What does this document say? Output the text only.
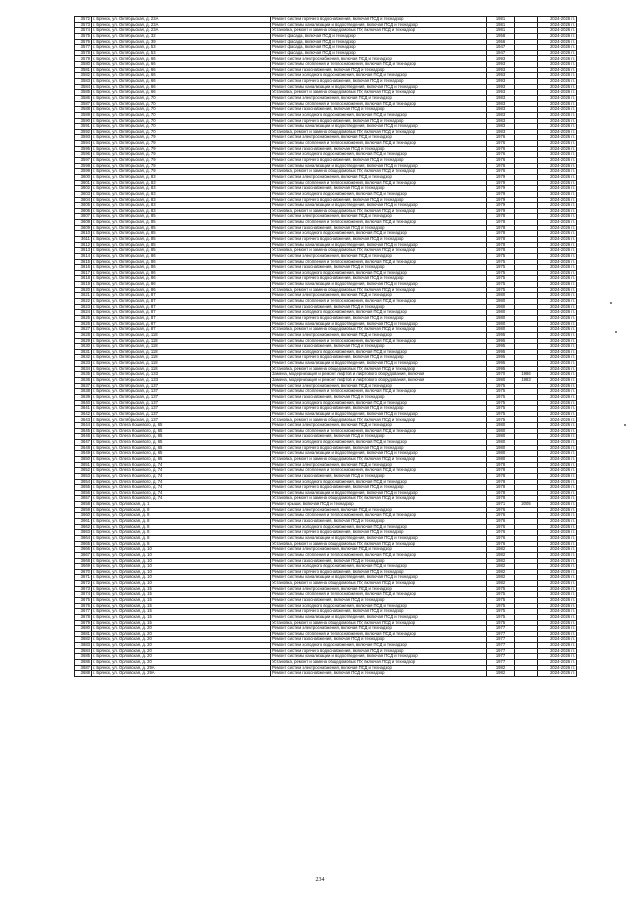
3572	г. Брянск, ул. Октябрьская, д. 23А	Ремонт систем горячего водоснабжения, включая ПСД и технадзор	1981		2024-2026 гг.
3573	г. Брянск, ул. Октябрьская, д. 23А	Ремонт системы канализации и водоотведения, включая ПСД и технадзор	1981		2024-2026 гг.
3574	г. Брянск, ул. Октябрьская, д. 23А	Установка, ремонт и замена общедомовых ПУ, включая ПСД и технадзор	1981		2024-2026 гг.
3575	г. Брянск, ул. Октябрьская, д. 32	Ремонт фасада, включая ПСД и технадзор	1958		2024-2026 гг.
3576	г. Брянск, ул. Октябрьская, д. 39	Ремонт фасада, включая ПСД и технадзор	1956		2024-2026 гг.
3577	г. Брянск, ул. Октябрьская, д. 53	Ремонт фасада, включая ПСД и технадзор	1947		2024-2026 гг.
3578	г. Брянск, ул. Октябрьская, д. 53	Ремонт фасада, включая ПСД и технадзор	1947		2024-2026 гг.
3579	г. Брянск, ул. Октябрьская, д. 66	Ремонт систем электроснабжения, включая ПСД и технадзор	1993		2024-2026 гг.
3580	г. Брянск, ул. Октябрьская, д. 66	Ремонт системы отопления и теплоснабжения, включая ПСД и технадзор	1993		2024-2026 гг.
3581	г. Брянск, ул. Октябрьская, д. 66	Ремонт систем газоснабжения, включая ПСД и технадзор	1993		2024-2026 гг.
3582	г. Брянск, ул. Октябрьская, д. 66	Ремонт систем холодного водоснабжения, включая ПСД и технадзор	1993		2024-2026 гг.
3583	г. Брянск, ул. Октябрьская, д. 66	Ремонт систем горячего водоснабжения, включая ПСД и технадзор	1993		2024-2026 гг.
3584	г. Брянск, ул. Октябрьская, д. 66	Ремонт системы канализации и водоотведения, включая ПСД и технадзор	1993		2024-2026 гг.
3585	г. Брянск, ул. Октябрьская, д. 66	Установка, ремонт и замена общедомовых ПУ, включая ПСД и технадзор	1993		2024-2026 гг.
3586	г. Брянск, ул. Октябрьская, д. 70	Ремонт систем электроснабжения, включая ПСД и технадзор	1983		2024-2026 гг.
3587	г. Брянск, ул. Октябрьская, д. 70	Ремонт системы отопления и теплоснабжения, включая ПСД и технадзор	1983		2024-2026 гг.
3588	г. Брянск, ул. Октябрьская, д. 70	Ремонт систем газоснабжения, включая ПСД и технадзор	1983		2024-2026 гг.
3589	г. Брянск, ул. Октябрьская, д. 70	Ремонт систем холодного водоснабжения, включая ПСД и технадзор	1983		2024-2026 гг.
3590	г. Брянск, ул. Октябрьская, д. 70	Ремонт систем горячего водоснабжения, включая ПСД и технадзор	1983		2024-2026 гг.
3591	г. Брянск, ул. Октябрьская, д. 70	Ремонт системы канализации и водоотведения, включая ПСД и технадзор	1983		2024-2026 гг.
3592	г. Брянск, ул. Октябрьская, д. 70	Установка, ремонт и замена общедомовых ПУ, включая ПСД и технадзор	1983		2024-2026 гг.
3593	г. Брянск, ул. Октябрьская, д. 79	Ремонт систем электроснабжения, включая ПСД и технадзор	1976		2024-2026 гг.
3594	г. Брянск, ул. Октябрьская, д. 79	Ремонт системы отопления и теплоснабжения, включая ПСД и технадзор	1976		2024-2026 гг.
3595	г. Брянск, ул. Октябрьская, д. 79	Ремонт систем газоснабжения, включая ПСД и технадзор	1976		2024-2026 гг.
3596	г. Брянск, ул. Октябрьская, д. 79	Ремонт систем холодного водоснабжения, включая ПСД и технадзор	1976		2024-2026 гг.
3597	г. Брянск, ул. Октябрьская, д. 79	Ремонт систем горячего водоснабжения, включая ПСД и технадзор	1976		2024-2026 гг.
3598	г. Брянск, ул. Октябрьская, д. 79	Ремонт системы канализации и водоотведения, включая ПСД и технадзор	1976		2024-2026 гг.
3599	г. Брянск, ул. Октябрьская, д. 79	Установка, ремонт и замена общедомовых ПУ, включая ПСД и технадзор	1976		2024-2026 гг.
3600	г. Брянск, ул. Октябрьская, д. 83	Ремонт систем электроснабжения, включая ПСД и технадзор	1979		2024-2026 гг.
3601	г. Брянск, ул. Октябрьская, д. 83	Ремонт системы отопления и теплоснабжения, включая ПСД и технадзор	1979		2024-2026 гг.
3602	г. Брянск, ул. Октябрьская, д. 83	Ремонт систем газоснабжения, включая ПСД и технадзор	1979		2024-2026 гг.
3603	г. Брянск, ул. Октябрьская, д. 83	Ремонт систем холодного водоснабжения, включая ПСД и технадзор	1979		2024-2026 гг.
3604	г. Брянск, ул. Октябрьская, д. 83	Ремонт систем горячего водоснабжения, включая ПСД и технадзор	1979		2024-2026 гг.
3605	г. Брянск, ул. Октябрьская, д. 83	Ремонт системы канализации и водоотведения, включая ПСД и технадзор	1979		2024-2026 гг.
3606	г. Брянск, ул. Октябрьская, д. 83	Установка, ремонт и замена общедомовых ПУ, включая ПСД и технадзор	1979		2024-2026 гг.
3607	г. Брянск, ул. Октябрьская, д. 85	Ремонт систем электроснабжения, включая ПСД и технадзор	1978		2024-2026 гг.
3608	г. Брянск, ул. Октябрьская, д. 85	Ремонт системы отопления и теплоснабжения, включая ПСД и технадзор	1978		2024-2026 гг.
3609	г. Брянск, ул. Октябрьская, д. 85	Ремонт систем газоснабжения, включая ПСД и технадзор	1978		2024-2026 гг.
3610	г. Брянск, ул. Октябрьская, д. 85	Ремонт систем холодного водоснабжения, включая ПСД и технадзор	1978		2024-2026 гг.
3611	г. Брянск, ул. Октябрьская, д. 85	Ремонт систем горячего водоснабжения, включая ПСД и технадзор	1978		2024-2026 гг.
3612	г. Брянск, ул. Октябрьская, д. 85	Ремонт системы канализации и водоотведения, включая ПСД и технадзор	1978		2024-2026 гг.
3613	г. Брянск, ул. Октябрьская, д. 85	Установка, ремонт и замена общедомовых ПУ, включая ПСД и технадзор	1978		2024-2026 гг.
3614	г. Брянск, ул. Октябрьская, д. 86	Ремонт систем электроснабжения, включая ПСД и технадзор	1975		2024-2026 гг.
3615	г. Брянск, ул. Октябрьская, д. 86	Ремонт системы отопления и теплоснабжения, включая ПСД и технадзор	1975		2024-2026 гг.
3616	г. Брянск, ул. Октябрьская, д. 86	Ремонт систем газоснабжения, включая ПСД и технадзор	1975		2024-2026 гг.
3617	г. Брянск, ул. Октябрьская, д. 86	Ремонт систем холодного водоснабжения, включая ПСД и технадзор	1975		2024-2026 гг.
3618	г. Брянск, ул. Октябрьская, д. 86	Ремонт систем горячего водоснабжения, включая ПСД и технадзор	1975		2024-2026 гг.
3619	г. Брянск, ул. Октябрьская, д. 86	Ремонт системы канализации и водоотведения, включая ПСД и технадзор	1975		2024-2026 гг.
3620	г. Брянск, ул. Октябрьская, д. 86	Установка, ремонт и замена общедомовых ПУ, включая ПСД и технадзор	1975		2024-2026 гг.
3621	г. Брянск, ул. Октябрьская, д. 87	Ремонт систем электроснабжения, включая ПСД и технадзор	1980		2024-2026 гг.
3622	г. Брянск, ул. Октябрьская, д. 87	Ремонт системы отопления и теплоснабжения, включая ПСД и технадзор	1980		2024-2026 гг.
3623	г. Брянск, ул. Октябрьская, д. 87	Ремонт систем газоснабжения, включая ПСД и технадзор	1980		2024-2026 гг.
3624	г. Брянск, ул. Октябрьская, д. 87	Ремонт систем холодного водоснабжения, включая ПСД и технадзор	1980		2024-2026 гг.
3625	г. Брянск, ул. Октябрьская, д. 87	Ремонт систем горячего водоснабжения, включая ПСД и технадзор	1980		2024-2026 гг.
3626	г. Брянск, ул. Октябрьская, д. 87	Ремонт системы канализации и водоотведения, включая ПСД и технадзор	1980		2024-2026 гг.
3627	г. Брянск, ул. Октябрьская, д. 87	Установка, ремонт и замена общедомовых ПУ, включая ПСД и технадзор	1980		2024-2026 гг.
3628	г. Брянск, ул. Октябрьская, д. 118	Ремонт систем электроснабжения, включая ПСД и технадзор	1995		2024-2026 гг.
3629	г. Брянск, ул. Октябрьская, д. 118	Ремонт системы отопления и теплоснабжения, включая ПСД и технадзор	1995		2024-2026 гг.
3630	г. Брянск, ул. Октябрьская, д. 118	Ремонт систем газоснабжения, включая ПСД и технадзор	1995		2024-2026 гг.
3631	г. Брянск, ул. Октябрьская, д. 118	Ремонт систем холодного водоснабжения, включая ПСД и технадзор	1995		2024-2026 гг.
3632	г. Брянск, ул. Октябрьская, д. 118	Ремонт систем горячего водоснабжения, включая ПСД и технадзор	1995		2024-2026 гг.
3633	г. Брянск, ул. Октябрьская, д. 118	Ремонт системы канализации и водоотведения, включая ПСД и технадзор	1995		2024-2026 гг.
3634	г. Брянск, ул. Октябрьская, д. 118	Установка, ремонт и замена общедомовых ПУ, включая ПСД и технадзор	1995		2024-2026 гг.
3635	г. Брянск, ул. Октябрьская, д. 133	Замена, модернизация и ремонт лифтов и лифтового оборудования, включая	1970	1986	2024-2026 гг.
3636	г. Брянск, ул. Октябрьская, д. 133	Замена, модернизация и ремонт лифтов и лифтового оборудования, включая	1980	1983	2024-2026 гг.
3637	г. Брянск, ул. Октябрьская, д. 137	Ремонт систем электроснабжения, включая ПСД и технадзор	1975		2024-2026 гг.
3638	г. Брянск, ул. Октябрьская, д. 137	Ремонт системы отопления и теплоснабжения, включая ПСД и технадзор	1975		2024-2026 гг.
3639	г. Брянск, ул. Октябрьская, д. 137	Ремонт систем газоснабжения, включая ПСД и технадзор	1975		2024-2026 гг.
3640	г. Брянск, ул. Октябрьская, д. 137	Ремонт систем холодного водоснабжения, включая ПСД и технадзор	1975		2024-2026 гг.
3641	г. Брянск, ул. Октябрьская, д. 137	Ремонт систем горячего водоснабжения, включая ПСД и технадзор	1975		2024-2026 гг.
3642	г. Брянск, ул. Октябрьская, д. 137	Ремонт системы канализации и водоотведения, включая ПСД и технадзор	1975		2024-2026 гг.
3643	г. Брянск, ул. Октябрьская, д. 137	Установка, ремонт и замена общедомовых ПУ, включая ПСД и технадзор	1975		2024-2026 гг.
3644	г. Брянск, ул. Олега Кошевого, д. 65	Ремонт систем электроснабжения, включая ПСД и технадзор	1980		2024-2026 гг.
3645	г. Брянск, ул. Олега Кошевого, д. 65	Ремонт системы отопления и теплоснабжения, включая ПСД и технадзор	1980		2024-2026 гг.
3646	г. Брянск, ул. Олега Кошевого, д. 65	Ремонт систем газоснабжения, включая ПСД и технадзор	1980		2024-2026 гг.
3647	г. Брянск, ул. Олега Кошевого, д. 65	Ремонт систем холодного водоснабжения, включая ПСД и технадзор	1980		2024-2026 гг.
3648	г. Брянск, ул. Олега Кошевого, д. 65	Ремонт систем горячего водоснабжения, включая ПСД и технадзор	1980		2024-2026 гг.
3649	г. Брянск, ул. Олега Кошевого, д. 65	Ремонт системы канализации и водоотведения, включая ПСД и технадзор	1980		2024-2026 гг.
3650	г. Брянск, ул. Олега Кошевого, д. 65	Установка, ремонт и замена общедомовых ПУ, включая ПСД и технадзор	1980		2024-2026 гг.
3651	г. Брянск, ул. Олега Кошевого, д. 74	Ремонт систем электроснабжения, включая ПСД и технадзор	1978		2024-2026 гг.
3652	г. Брянск, ул. Олега Кошевого, д. 74	Ремонт системы отопления и теплоснабжения, включая ПСД и технадзор	1978		2024-2026 гг.
3653	г. Брянск, ул. Олега Кошевого, д. 74	Ремонт систем газоснабжения, включая ПСД и технадзор	1978		2024-2026 гг.
3654	г. Брянск, ул. Олега Кошевого, д. 74	Ремонт систем холодного водоснабжения, включая ПСД и технадзор	1978		2024-2026 гг.
3655	г. Брянск, ул. Олега Кошевого, д. 74	Ремонт систем горячего водоснабжения, включая ПСД и технадзор	1978		2024-2026 гг.
3656	г. Брянск, ул. Олега Кошевого, д. 74	Ремонт системы канализации и водоотведения, включая ПСД и технадзор	1978		2024-2026 гг.
3657	г. Брянск, ул. Олега Кошевого, д. 74	Установка, ремонт и замена общедомовых ПУ, включая ПСД и технадзор	1978		2024-2026 гг.
3658	г. Брянск, ул. Орловская, д. 1	Ремонт крыши, включая ПСД и технадзор	1971	2005	2024-2026 гг.
3659	г. Брянск, ул. Орловская, д. 8	Ремонт систем электроснабжения, включая ПСД и технадзор	1976		2024-2026 гг.
3660	г. Брянск, ул. Орловская, д. 8	Ремонт системы отопления и теплоснабжения, включая ПСД и технадзор	1976		2024-2026 гг.
3661	г. Брянск, ул. Орловская, д. 8	Ремонт систем газоснабжения, включая ПСД и технадзор	1976		2024-2026 гг.
3662	г. Брянск, ул. Орловская, д. 8	Ремонт систем холодного водоснабжения, включая ПСД и технадзор	1976		2024-2026 гг.
3663	г. Брянск, ул. Орловская, д. 8	Ремонт систем горячего водоснабжения, включая ПСД и технадзор	1976		2024-2026 гг.
3664	г. Брянск, ул. Орловская, д. 8	Ремонт системы канализации и водоотведения, включая ПСД и технадзор	1976		2024-2026 гг.
3665	г. Брянск, ул. Орловская, д. 8	Установка, ремонт и замена общедомовых ПУ, включая ПСД и технадзор	1976		2024-2026 гг.
3666	г. Брянск, ул. Орловская, д. 10	Ремонт систем электроснабжения, включая ПСД и технадзор	1982		2024-2026 гг.
3667	г. Брянск, ул. Орловская, д. 10	Ремонт системы отопления и теплоснабжения, включая ПСД и технадзор	1982		2024-2026 гг.
3668	г. Брянск, ул. Орловская, д. 10	Ремонт систем газоснабжения, включая ПСД и технадзор	1982		2024-2026 гг.
3669	г. Брянск, ул. Орловская, д. 10	Ремонт систем холодного водоснабжения, включая ПСД и технадзор	1982		2024-2026 гг.
3670	г. Брянск, ул. Орловская, д. 10	Ремонт систем горячего водоснабжения, включая ПСД и технадзор	1982		2024-2026 гг.
3671	г. Брянск, ул. Орловская, д. 10	Ремонт системы канализации и водоотведения, включая ПСД и технадзор	1982		2024-2026 гг.
3672	г. Брянск, ул. Орловская, д. 10	Установка, ремонт и замена общедомовых ПУ, включая ПСД и технадзор	1982		2024-2026 гг.
3673	г. Брянск, ул. Орловская, д. 15	Ремонт систем электроснабжения, включая ПСД и технадзор	1975		2024-2026 гг.
3674	г. Брянск, ул. Орловская, д. 15	Ремонт системы отопления и теплоснабжения, включая ПСД и технадзор	1975		2024-2026 гг.
3675	г. Брянск, ул. Орловская, д. 15	Ремонт систем газоснабжения, включая ПСД и технадзор	1975		2024-2026 гг.
3676	г. Брянск, ул. Орловская, д. 15	Ремонт систем холодного водоснабжения, включая ПСД и технадзор	1975		2024-2026 гг.
3677	г. Брянск, ул. Орловская, д. 15	Ремонт систем горячего водоснабжения, включая ПСД и технадзор	1975		2024-2026 гг.
3678	г. Брянск, ул. Орловская, д. 15	Ремонт системы канализации и водоотведения, включая ПСД и технадзор	1975		2024-2026 гг.
3679	г. Брянск, ул. Орловская, д. 15	Установка, ремонт и замена общедомовых ПУ, включая ПСД и технадзор	1975		2024-2026 гг.
3680	г. Брянск, ул. Орловская, д. 20	Ремонт систем электроснабжения, включая ПСД и технадзор	1977		2024-2026 гг.
3681	г. Брянск, ул. Орловская, д. 20	Ремонт системы отопления и теплоснабжения, включая ПСД и технадзор	1977		2024-2026 гг.
3682	г. Брянск, ул. Орловская, д. 20	Ремонт систем газоснабжения, включая ПСД и технадзор	1977		2024-2026 гг.
3683	г. Брянск, ул. Орловская, д. 20	Ремонт систем холодного водоснабжения, включая ПСД и технадзор	1977		2024-2026 гг.
3684	г. Брянск, ул. Орловская, д. 20	Ремонт систем горячего водоснабжения, включая ПСД и технадзор	1977		2024-2026 гг.
3685	г. Брянск, ул. Орловская, д. 20	Ремонт системы канализации и водоотведения, включая ПСД и технадзор	1977		2024-2026 гг.
3686	г. Брянск, ул. Орловская, д. 20	Установка, ремонт и замена общедомовых ПУ, включая ПСД и технадзор	1977		2024-2026 гг.
3687	г. Брянск, ул. Орловская, д. 29А	Ремонт систем электроснабжения, включая ПСД и технадзор	1982		2024-2026 гг.
3688	г. Брянск, ул. Орловская, д. 29А	Ремонт систем газоснабжения, включая ПСД и технадзор	1982		2024-2026 гг.
234
